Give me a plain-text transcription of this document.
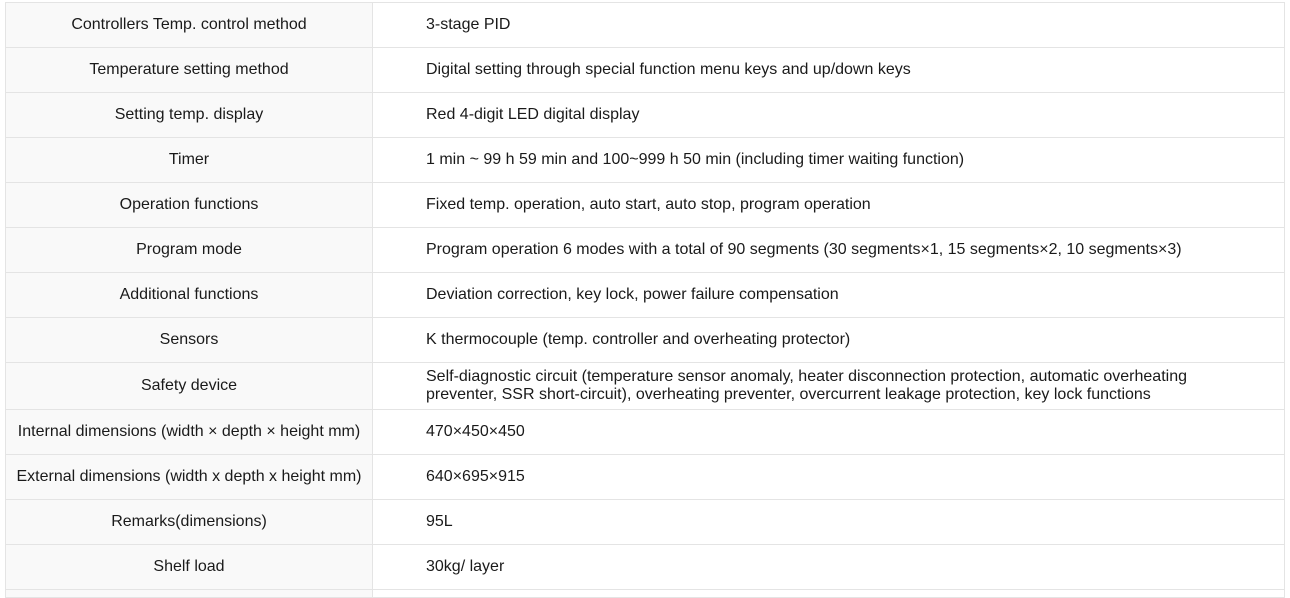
Controllers Temp. control method	3-stage PID
Temperature setting method	Digital setting through special function menu keys and up/down keys
Setting temp. display	Red 4-digit LED digital display
Timer	1 min ~ 99 h 59 min and 100~999 h 50 min (including timer waiting function)
Operation functions	Fixed temp. operation, auto start, auto stop, program operation
Program mode	Program operation 6 modes with a total of 90 segments (30 segments×1, 15 segments×2, 10 segments×3)
Additional functions	Deviation correction, key lock, power failure compensation
Sensors	K thermocouple (temp. controller and overheating protector)
Safety device	Self-diagnostic circuit (temperature sensor anomaly, heater disconnection protection, automatic overheating preventer, SSR short-circuit), overheating preventer, overcurrent leakage protection, key lock functions
Internal dimensions (width × depth × height mm)	470×450×450
External dimensions (width x depth x height mm)	640×695×915
Remarks(dimensions)	95L
Shelf load	30kg/ layer
